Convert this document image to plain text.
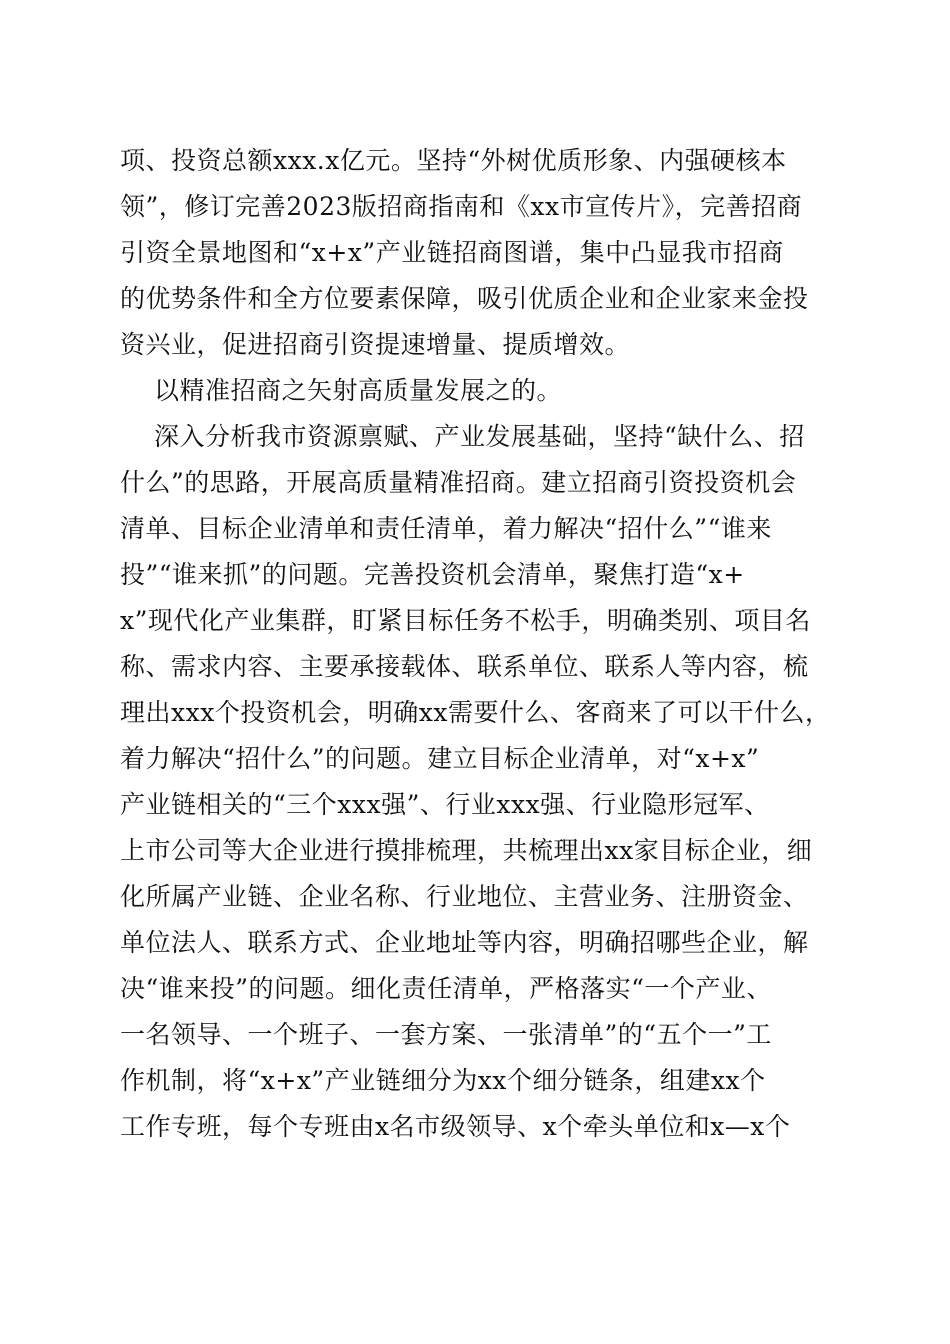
项、投资总额xxx.x亿元。坚持“外树优质形象、内强硬核本
领”，修订完善2023版招商指南和《xx市宣传片》，完善招商
引资全景地图和“x+x”产业链招商图谱，集中凸显我市招商
的优势条件和全方位要素保障，吸引优质企业和企业家来金投
资兴业，促进招商引资提速增量、提质增效。
以精准招商之矢射高质量发展之的。
深入分析我市资源禀赋、产业发展基础，坚持“缺什么、招
什么”的思路，开展高质量精准招商。建立招商引资投资机会
清单、目标企业清单和责任清单，着力解决“招什么”“谁来
投”“谁来抓”的问题。完善投资机会清单，聚焦打造“x+
x”现代化产业集群，盯紧目标任务不松手，明确类别、项目名
称、需求内容、主要承接载体、联系单位、联系人等内容，梳
理出xxx个投资机会，明确xx需要什么、客商来了可以干什么，
着力解决“招什么”的问题。建立目标企业清单，对“x+x”
产业链相关的“三个xxx强”、行业xxx强、行业隐形冠军、
上市公司等大企业进行摸排梳理，共梳理出xx家目标企业，细
化所属产业链、企业名称、行业地位、主营业务、注册资金、
单位法人、联系方式、企业地址等内容，明确招哪些企业，解
决“谁来投”的问题。细化责任清单，严格落实“一个产业、
一名领导、一个班子、一套方案、一张清单”的“五个一”工
作机制，将“x+x”产业链细分为xx个细分链条，组建xx个
工作专班，每个专班由x名市级领导、x个牵头单位和x—x个
